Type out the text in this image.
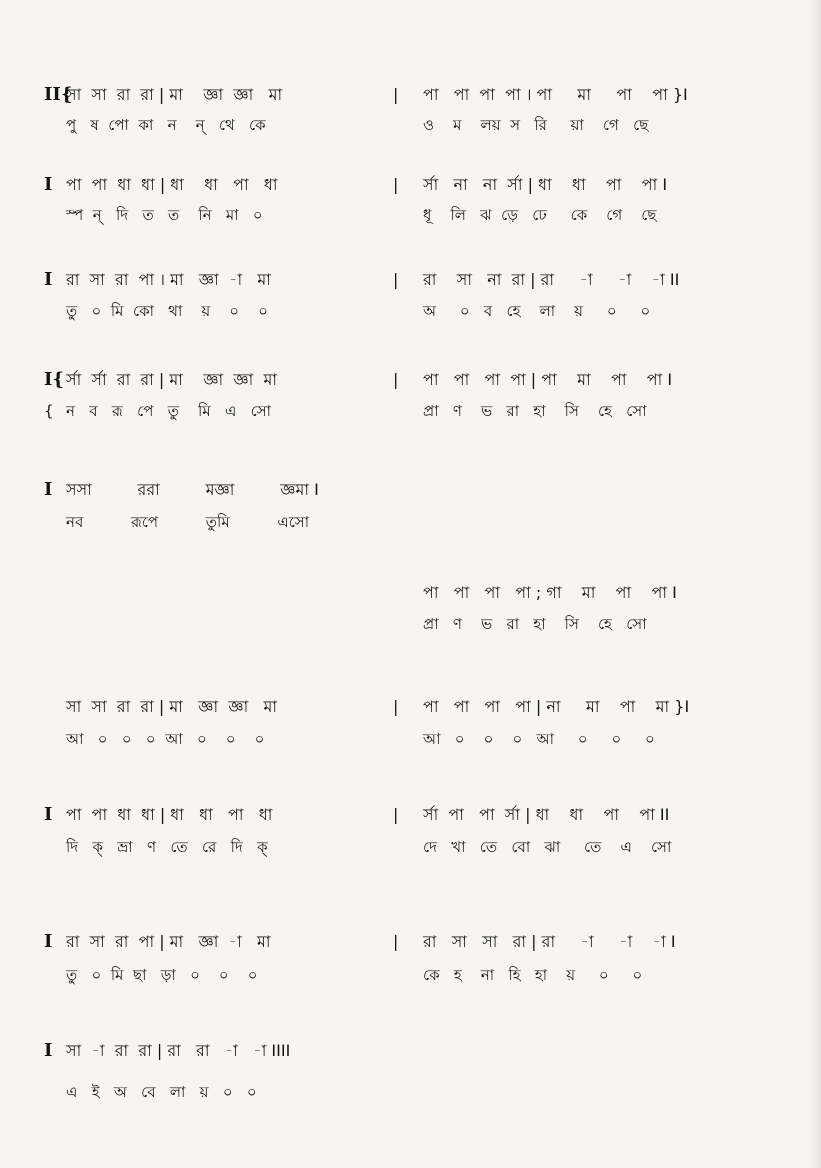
II{
সা  সা  রা  রা | মা    জ্ঞা  জ্ঞা   মা	| পা   পা  পা  পা । পা     মা     পা    পা }I
পু   ষ  পো  কা   ন    ন্   থে   কে	ও    ম    লয়  স   রি     য়া    গে   ছে
I পা  পা  ধা  ধা | ধা    ধা   পা   ধা	| র্সা   না   না  র্সা | ধা    ধা    পা    পা I
স্প  ন্   দি   ত   ত    নি   মা   ০	ধূ    লি   ঝ  ড়ে   ঢে     কে    গে    ছে
I রা  সা  রা  পা । মা   জ্ঞা  -া   মা	| রা    সা   না  রা | রা     -া     -া    -া II
তু   ০  মি  কো   থা    য়    ০    ০	অ     ০   ব   হে    লা    য়     ০     ০
I{ র্সা  র্সা  রা  রা | মা    জ্ঞা  জ্ঞা  মা	| পা   পা   পা  পা | পা    মা    পা    পা I
{ ন   ব   রূ   পে   তু    মি   এ   সো	প্রা   ণ    ভ   রা   হা    সি    হে   সো
I সসা         ররা         মজ্ঞা         জ্ঞমা I
নব          রূপে          তুমি          এসো
পা   পা   পা   পা ; গা    মা    পা    পা I
প্রা   ণ    ভ   রা   হা    সি    হে   সো
সা  সা  রা  রা | মা   জ্ঞা  জ্ঞা   মা	| পা   পা   পা   পা | না     মা    পা    মা }I
আ   ০   ০   ০  আ   ০    ০    ০	আ   ০    ০    ০   আ     ০     ০     ০
I পা  পা  ধা  ধা | ধা   ধা   পা   ধা	| র্সা  পা   পা  র্সা | ধা    ধা    পা    পা II
দি   ক্   ভ্রা   ণ   তে   রে   দি   ক্	দে   খা   তে   বো   ঝা     তে    এ    সো
I রা  সা  রা  পা | মা   জ্ঞা  -া   মা	| রা   সা   সা   রা | রা     -া     -া    -া I
তু   ০  মি  ছা   ড়া   ০    ০    ০	কে   হ    না   হি   হা    য়     ০     ০
I সা  -া  রা  রা | রা   রা   -া   -া IIII
এ   ই   অ   বে   লা   য়   ০   ০
